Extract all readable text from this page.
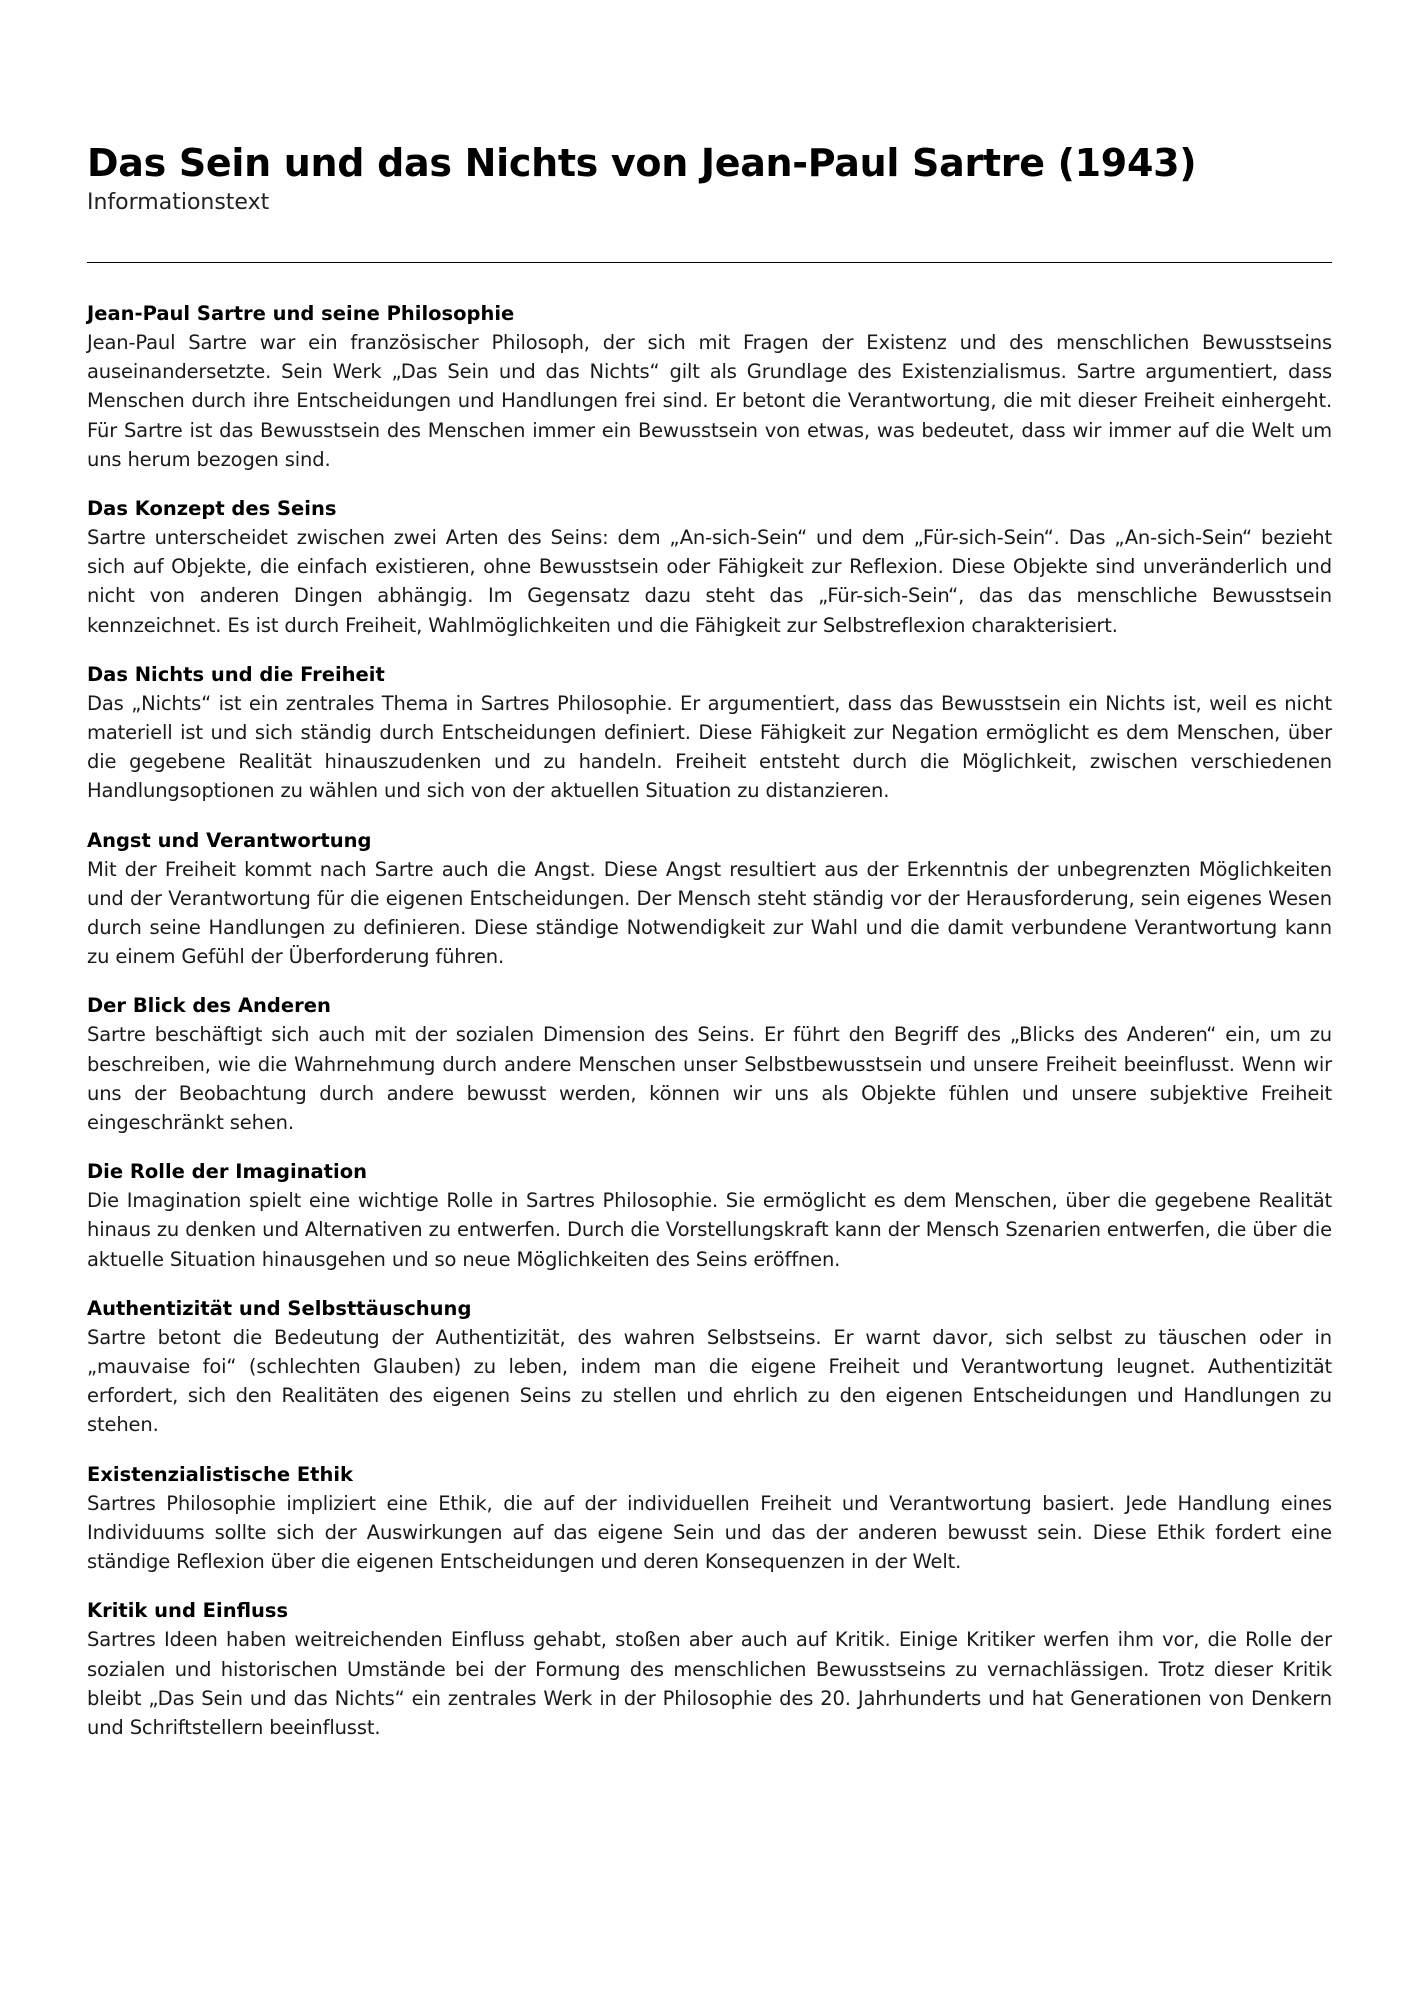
Das Sein und das Nichts von Jean-Paul Sartre (1943)

Informationstext

Jean-Paul Sartre und seine Philosophie

Jean-Paul Sartre war ein französischer Philosoph, der sich mit Fragen der Existenz und des menschlichen Bewusstseins auseinandersetzte. Sein Werk „Das Sein und das Nichts“ gilt als Grundlage des Existenzialismus. Sartre argumentiert, dass Menschen durch ihre Entscheidungen und Handlungen frei sind. Er betont die Verantwortung, die mit dieser Freiheit einhergeht. Für Sartre ist das Bewusstsein des Menschen immer ein Bewusstsein von etwas, was bedeutet, dass wir immer auf die Welt um uns herum bezogen sind.

Das Konzept des Seins

Sartre unterscheidet zwischen zwei Arten des Seins: dem „An-sich-Sein“ und dem „Für-sich-Sein“. Das „An-sich-Sein“ bezieht sich auf Objekte, die einfach existieren, ohne Bewusstsein oder Fähigkeit zur Reflexion. Diese Objekte sind unveränderlich und nicht von anderen Dingen abhängig. Im Gegensatz dazu steht das „Für-sich-Sein“, das das menschliche Bewusstsein kennzeichnet. Es ist durch Freiheit, Wahlmöglichkeiten und die Fähigkeit zur Selbstreflexion charakterisiert.

Das Nichts und die Freiheit

Das „Nichts“ ist ein zentrales Thema in Sartres Philosophie. Er argumentiert, dass das Bewusstsein ein Nichts ist, weil es nicht materiell ist und sich ständig durch Entscheidungen definiert. Diese Fähigkeit zur Negation ermöglicht es dem Menschen, über die gegebene Realität hinauszudenken und zu handeln. Freiheit entsteht durch die Möglichkeit, zwischen verschiedenen Handlungsoptionen zu wählen und sich von der aktuellen Situation zu distanzieren.

Angst und Verantwortung

Mit der Freiheit kommt nach Sartre auch die Angst. Diese Angst resultiert aus der Erkenntnis der unbegrenzten Möglichkeiten und der Verantwortung für die eigenen Entscheidungen. Der Mensch steht ständig vor der Herausforderung, sein eigenes Wesen durch seine Handlungen zu definieren. Diese ständige Notwendigkeit zur Wahl und die damit verbundene Verantwortung kann zu einem Gefühl der Überforderung führen.

Der Blick des Anderen

Sartre beschäftigt sich auch mit der sozialen Dimension des Seins. Er führt den Begriff des „Blicks des Anderen“ ein, um zu beschreiben, wie die Wahrnehmung durch andere Menschen unser Selbstbewusstsein und unsere Freiheit beeinflusst. Wenn wir uns der Beobachtung durch andere bewusst werden, können wir uns als Objekte fühlen und unsere subjektive Freiheit eingeschränkt sehen.

Die Rolle der Imagination

Die Imagination spielt eine wichtige Rolle in Sartres Philosophie. Sie ermöglicht es dem Menschen, über die gegebene Realität hinaus zu denken und Alternativen zu entwerfen. Durch die Vorstellungskraft kann der Mensch Szenarien entwerfen, die über die aktuelle Situation hinausgehen und so neue Möglichkeiten des Seins eröffnen.

Authentizität und Selbsttäuschung

Sartre betont die Bedeutung der Authentizität, des wahren Selbstseins. Er warnt davor, sich selbst zu täuschen oder in „mauvaise foi“ (schlechten Glauben) zu leben, indem man die eigene Freiheit und Verantwortung leugnet. Authentizität erfordert, sich den Realitäten des eigenen Seins zu stellen und ehrlich zu den eigenen Entscheidungen und Handlungen zu stehen.

Existenzialistische Ethik

Sartres Philosophie impliziert eine Ethik, die auf der individuellen Freiheit und Verantwortung basiert. Jede Handlung eines Individuums sollte sich der Auswirkungen auf das eigene Sein und das der anderen bewusst sein. Diese Ethik fordert eine ständige Reflexion über die eigenen Entscheidungen und deren Konsequenzen in der Welt.

Kritik und Einfluss

Sartres Ideen haben weitreichenden Einfluss gehabt, stoßen aber auch auf Kritik. Einige Kritiker werfen ihm vor, die Rolle der sozialen und historischen Umstände bei der Formung des menschlichen Bewusstseins zu vernachlässigen. Trotz dieser Kritik bleibt „Das Sein und das Nichts“ ein zentrales Werk in der Philosophie des 20. Jahrhunderts und hat Generationen von Denkern und Schriftstellern beeinflusst.
